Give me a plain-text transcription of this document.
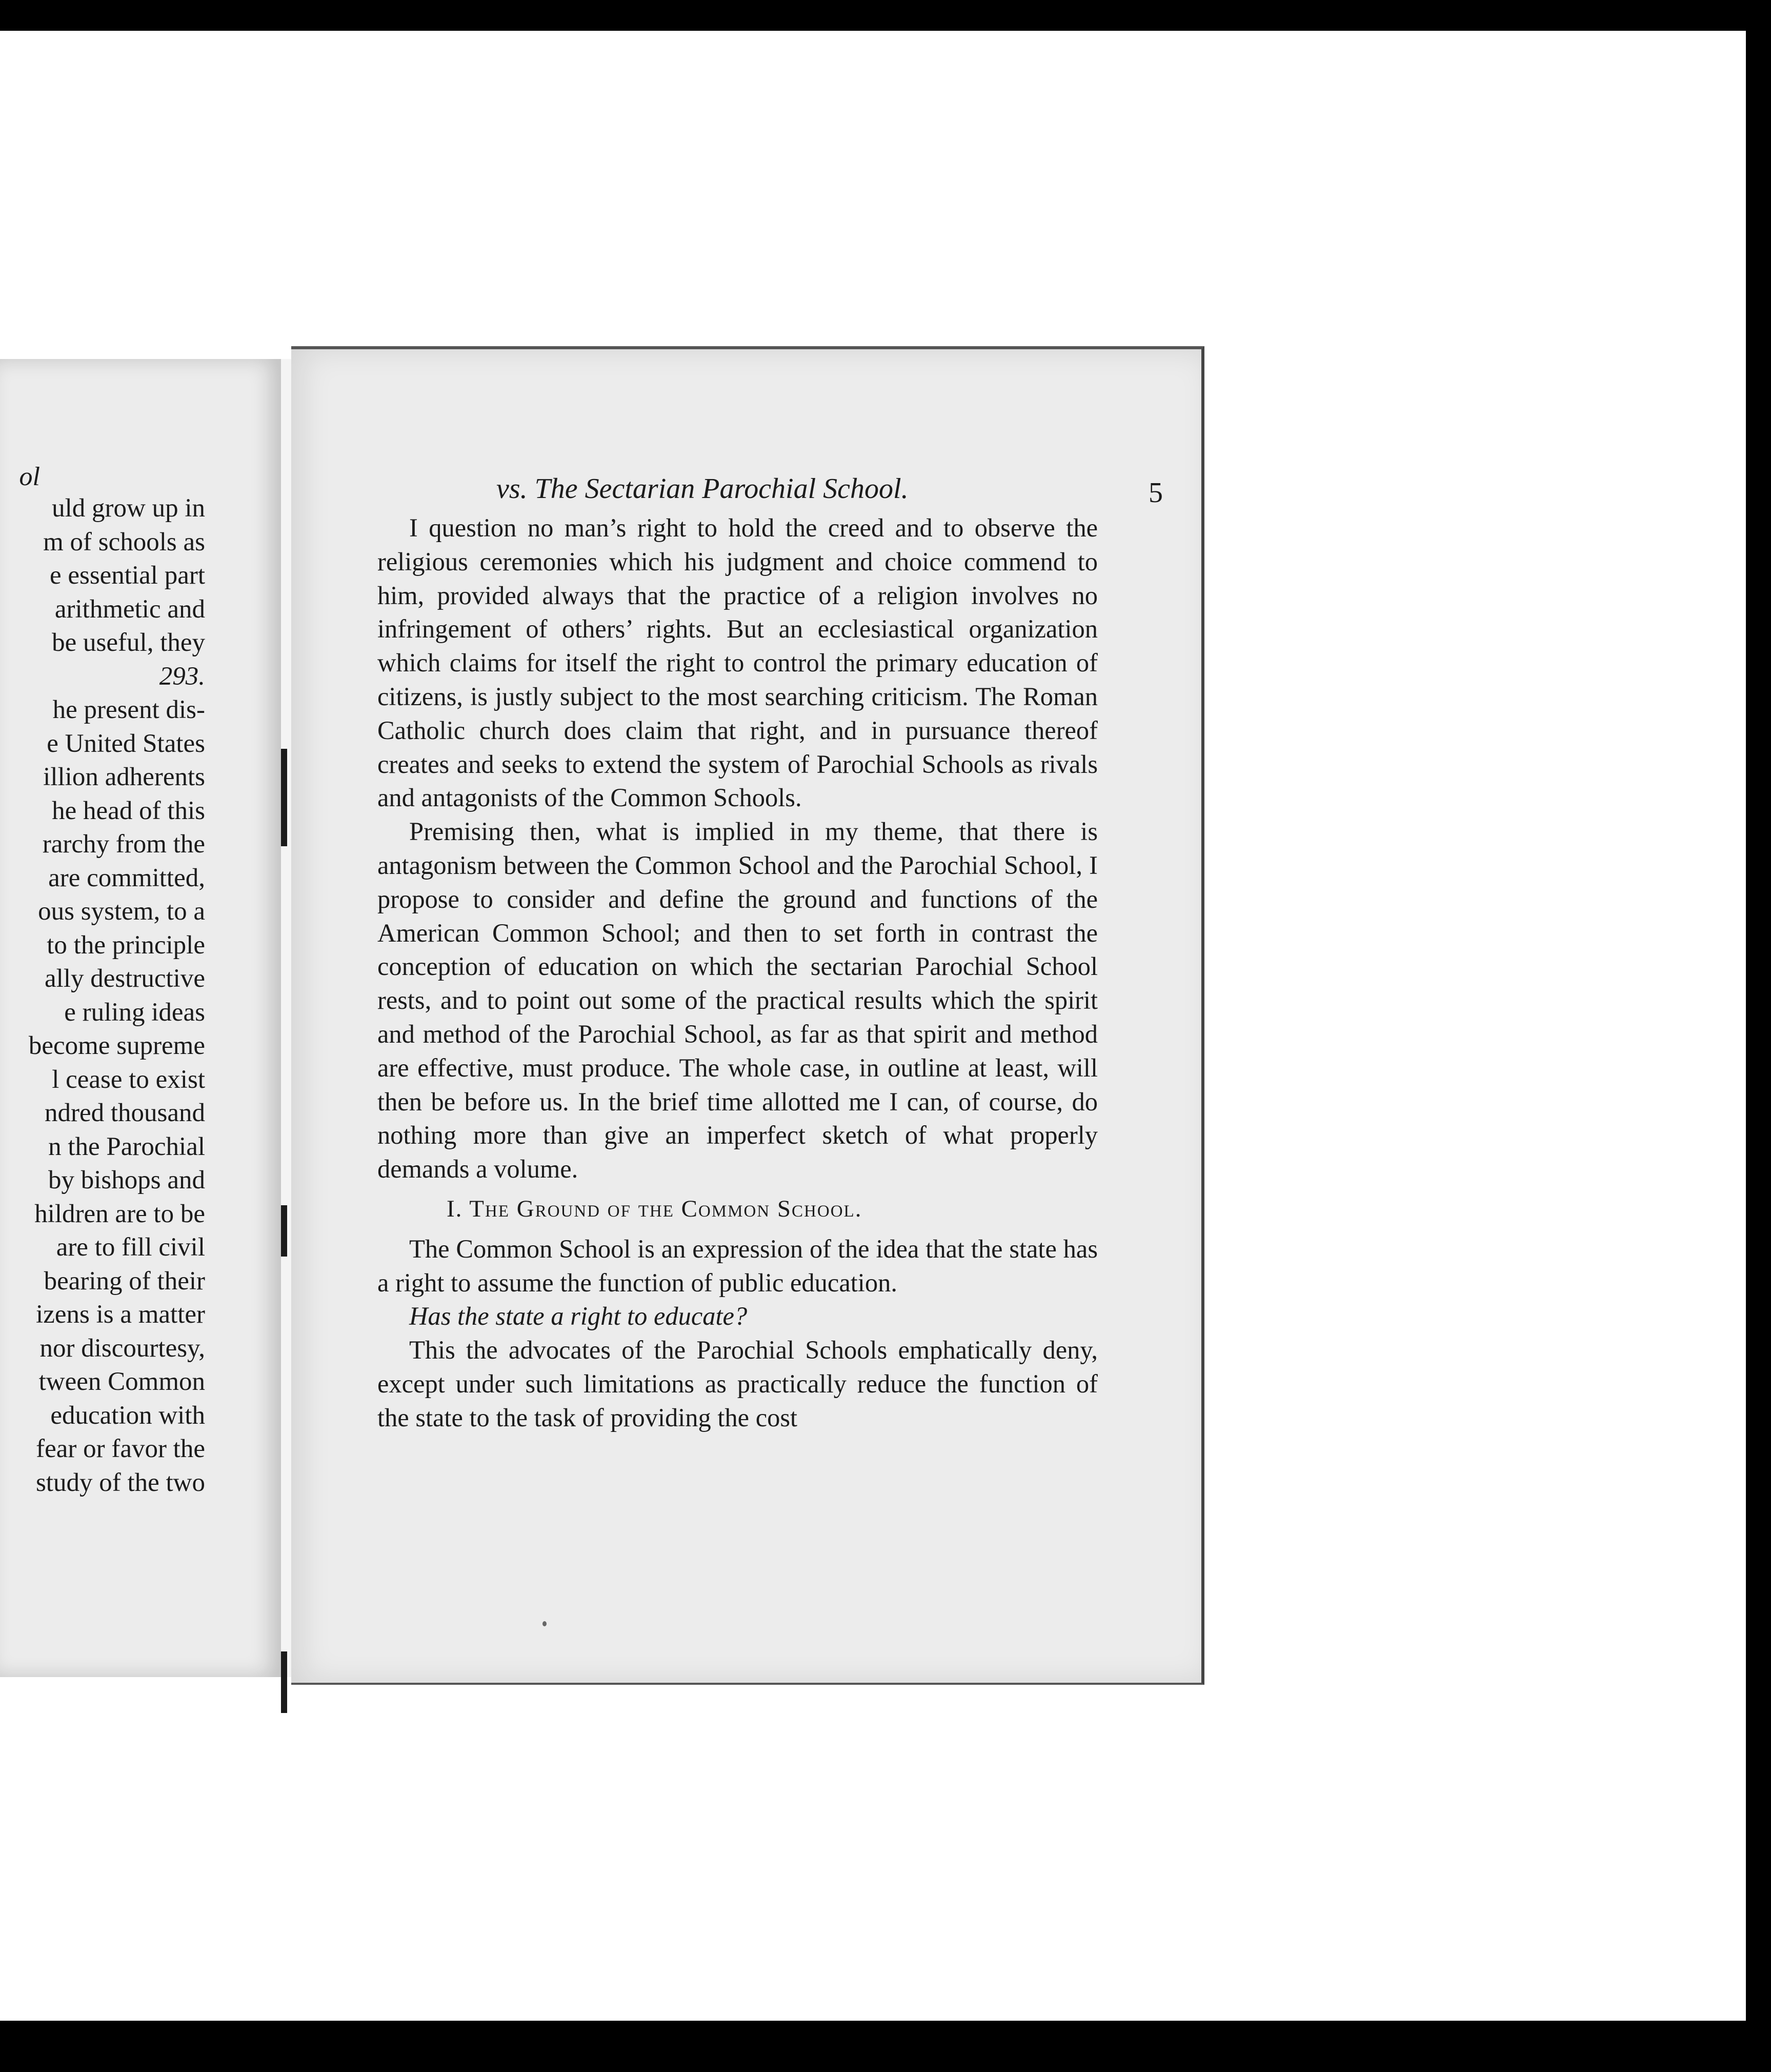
ol
uld grow up in
m of schools as
e essential part
arithmetic and
be useful, they
293.
he present dis-
e United States
illion adherents
he head of this
rarchy from the
are committed,
ous system, to a
to the principle
ally destructive
e ruling ideas
become supreme
l cease to exist
ndred thousand
n the Parochial
by bishops and
hildren are to be
are to fill civil
bearing of their
izens is a matter
nor discourtesy,
tween Common
education with
fear or favor the
study of the two
vs. The Sectarian Parochial School.	5

I question no man’s right to hold the creed and to observe the religious ceremonies which his judgment and choice commend to him, provided always that the practice of a religion involves no infringement of others’ rights. But an ecclesiastical organization which claims for itself the right to control the primary education of citizens, is justly subject to the most searching criticism. The Roman Catholic church does claim that right, and in pursuance thereof creates and seeks to extend the system of Parochial Schools as rivals and antagonists of the Common Schools.

Premising then, what is implied in my theme, that there is antagonism between the Common School and the Parochial School, I propose to consider and define the ground and functions of the American Common School; and then to set forth in contrast the conception of education on which the sectarian Parochial School rests, and to point out some of the practical results which the spirit and method of the Parochial School, as far as that spirit and method are effective, must produce. The whole case, in outline at least, will then be before us. In the brief time allotted me I can, of course, do nothing more than give an imperfect sketch of what properly demands a volume.

I. The Ground of the Common School.

The Common School is an expression of the idea that the state has a right to assume the function of public education.

Has the state a right to educate?

This the advocates of the Parochial Schools emphatically deny, except under such limitations as practically reduce the function of the state to the task of providing the cost
